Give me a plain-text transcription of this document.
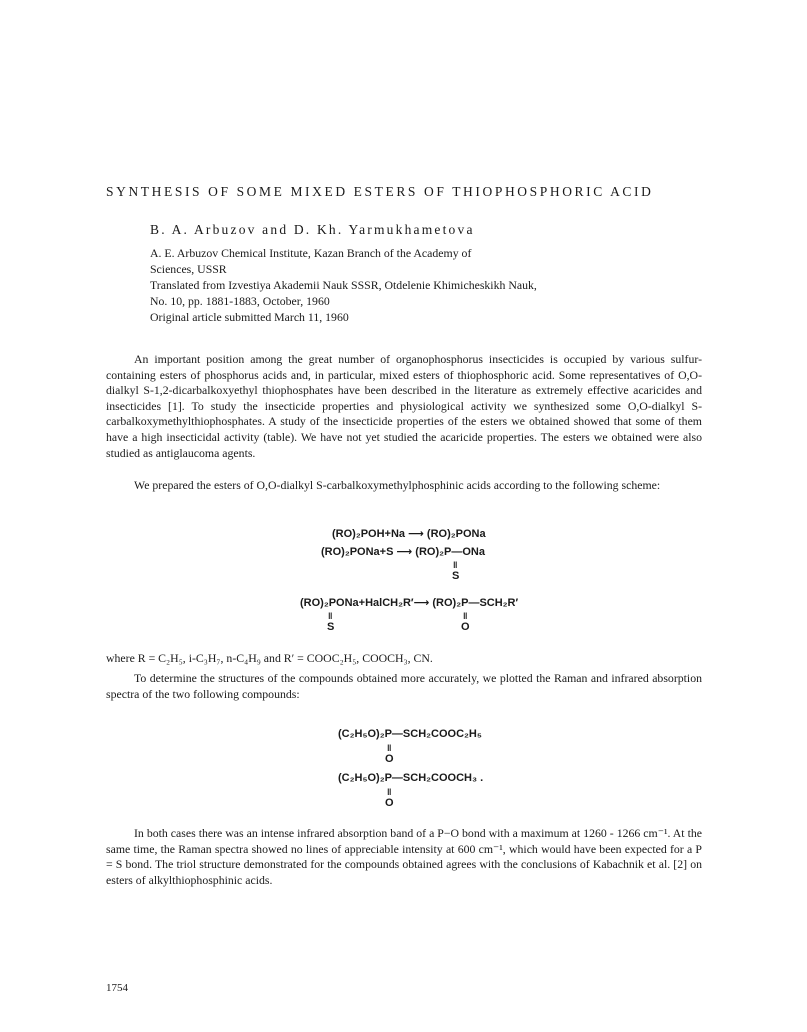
SYNTHESIS OF SOME MIXED ESTERS OF THIOPHOSPHORIC ACID
B. A. Arbuzov and D. Kh. Yarmukhametova
A. E. Arbuzov Chemical Institute, Kazan Branch of the Academy of
Sciences, USSR
Translated from Izvestiya Akademii Nauk SSSR, Otdelenie Khimicheskikh Nauk,
No. 10, pp. 1881-1883, October, 1960
Original article submitted March 11, 1960

An important position among the great number of organophosphorus insecticides is occupied by various sulfur-containing esters of phosphorus acids and, in particular, mixed esters of thiophosphoric acid. Some representatives of O,O-dialkyl S-1,2-dicarbalkoxyethyl thiophosphates have been described in the literature as extremely effective acaricides and insecticides [1]. To study the insecticide properties and physiological activity we synthesized some O,O-dialkyl S-carbalkoxymethylthiophosphates. A study of the insecticide properties of the esters we obtained showed that some of them have a high insecticidal activity (table). We have not yet studied the acaricide properties. The esters we obtained were also studied as antiglaucoma agents.

We prepared the esters of O,O-dialkyl S-carbalkoxymethylphosphinic acids according to the following scheme:

(RO)₂POH+Na ⟶ (RO)₂PONa
(RO)₂PONa+S ⟶ (RO)₂P—ONa
‖
S
(RO)₂PONa+HalCH₂R′⟶ (RO)₂P—SCH₂R′
‖
S
‖
O
where R = C₂H₅, i-C₃H₇, n-C₄H₉ and R′ = COOC₂H₅, COOCH₃, CN.

To determine the structures of the compounds obtained more accurately, we plotted the Raman and infrared absorption spectra of the two following compounds:

(C₂H₅O)₂P—SCH₂COOC₂H₅
‖
O
(C₂H₅O)₂P—SCH₂COOCH₃ .
‖
O

In both cases there was an intense infrared absorption band of a P−O bond with a maximum at 1260 - 1266 cm⁻¹. At the same time, the Raman spectra showed no lines of appreciable intensity at 600 cm⁻¹, which would have been expected for a P = S bond. The triol structure demonstrated for the compounds obtained agrees with the conclusions of Kabachnik et al. [2] on esters of alkylthiophosphinic acids.

1754
